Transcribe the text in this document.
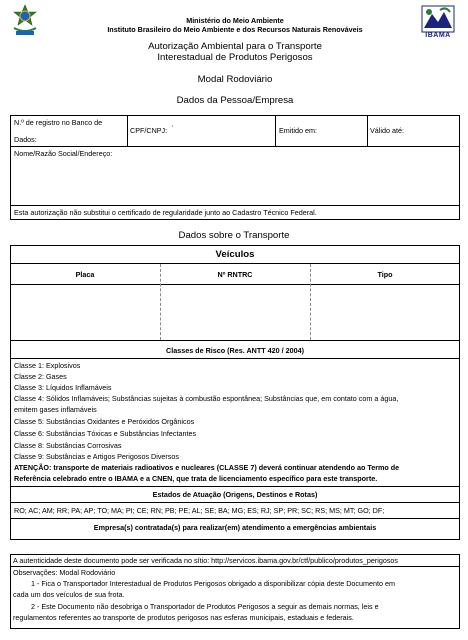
IBAMA
Ministério do Meio Ambiente
Instituto Brasileiro do Meio Ambiente e dos Recursos Naturais Renováveis
Autorização Ambiental para o Transporte
Interestadual de Produtos Perigosos
Modal Rodoviário
Dados da Pessoa/Empresa
N.º de registro no Banco de
Dados:
CPF/CNPJ: '	Emitido em:	Válido até:
Nome/Razão Social/Endereço:
Esta autorização não substitui o certificado de regularidade junto ao Cadastro Técnico Federal.
Dados sobre o Transporte
Veículos
Placa	Nº RNTRC	Tipo
Classes de Risco (Res. ANTT 420 / 2004)
Classe 1: Explosivos
Classe 2: Gases
Classe 3: Líquidos Inflamáveis
Classe 4: Sólidos Inflamáveis; Substâncias sujeitas à combustão espontânea; Substâncias que, em contato com a água,
emitem gases inflamáveis
Classe 5: Substâncias Oxidantes e Peróxidos Orgânicos
Classe 6: Substâncias Tóxicas e Substâncias Infectantes
Classe 8: Substâncias Corrosivas
Classe 9: Substâncias e Artigos Perigosos Diversos
ATENÇÃO: transporte de materiais radioativos e nucleares (CLASSE 7) deverá continuar atendendo ao Termo de
Referência celebrado entre o IBAMA e a CNEN, que trata de licenciamento específico para este transporte.
Estados de Atuação (Origens, Destinos e Rotas)
RO; AC; AM; RR; PA; AP; TO; MA; PI; CE; RN; PB; PE; AL; SE; BA; MG; ES; RJ; SP; PR; SC; RS; MS; MT; GO; DF;
Empresa(s) contratada(s) para realizar(em) atendimento a emergências ambientais
A autenticidade deste documento pode ser verificada no sítio: http://servicos.ibama.gov.br/ctf/publico/produtos_perigosos
Observações: Modal Rodoviário
1 - Fica o Transportador Interestadual de Produtos Perigosos obrigado a disponibilizar cópia deste Documento em
cada um dos veículos de sua frota.
2 - Este Documento não desobriga o Transportador de Produtos Perigosos a seguir as demais normas, leis e
regulamentos referentes ao transporte de produtos perigosos nas esferas municipais, estaduais e federais.
